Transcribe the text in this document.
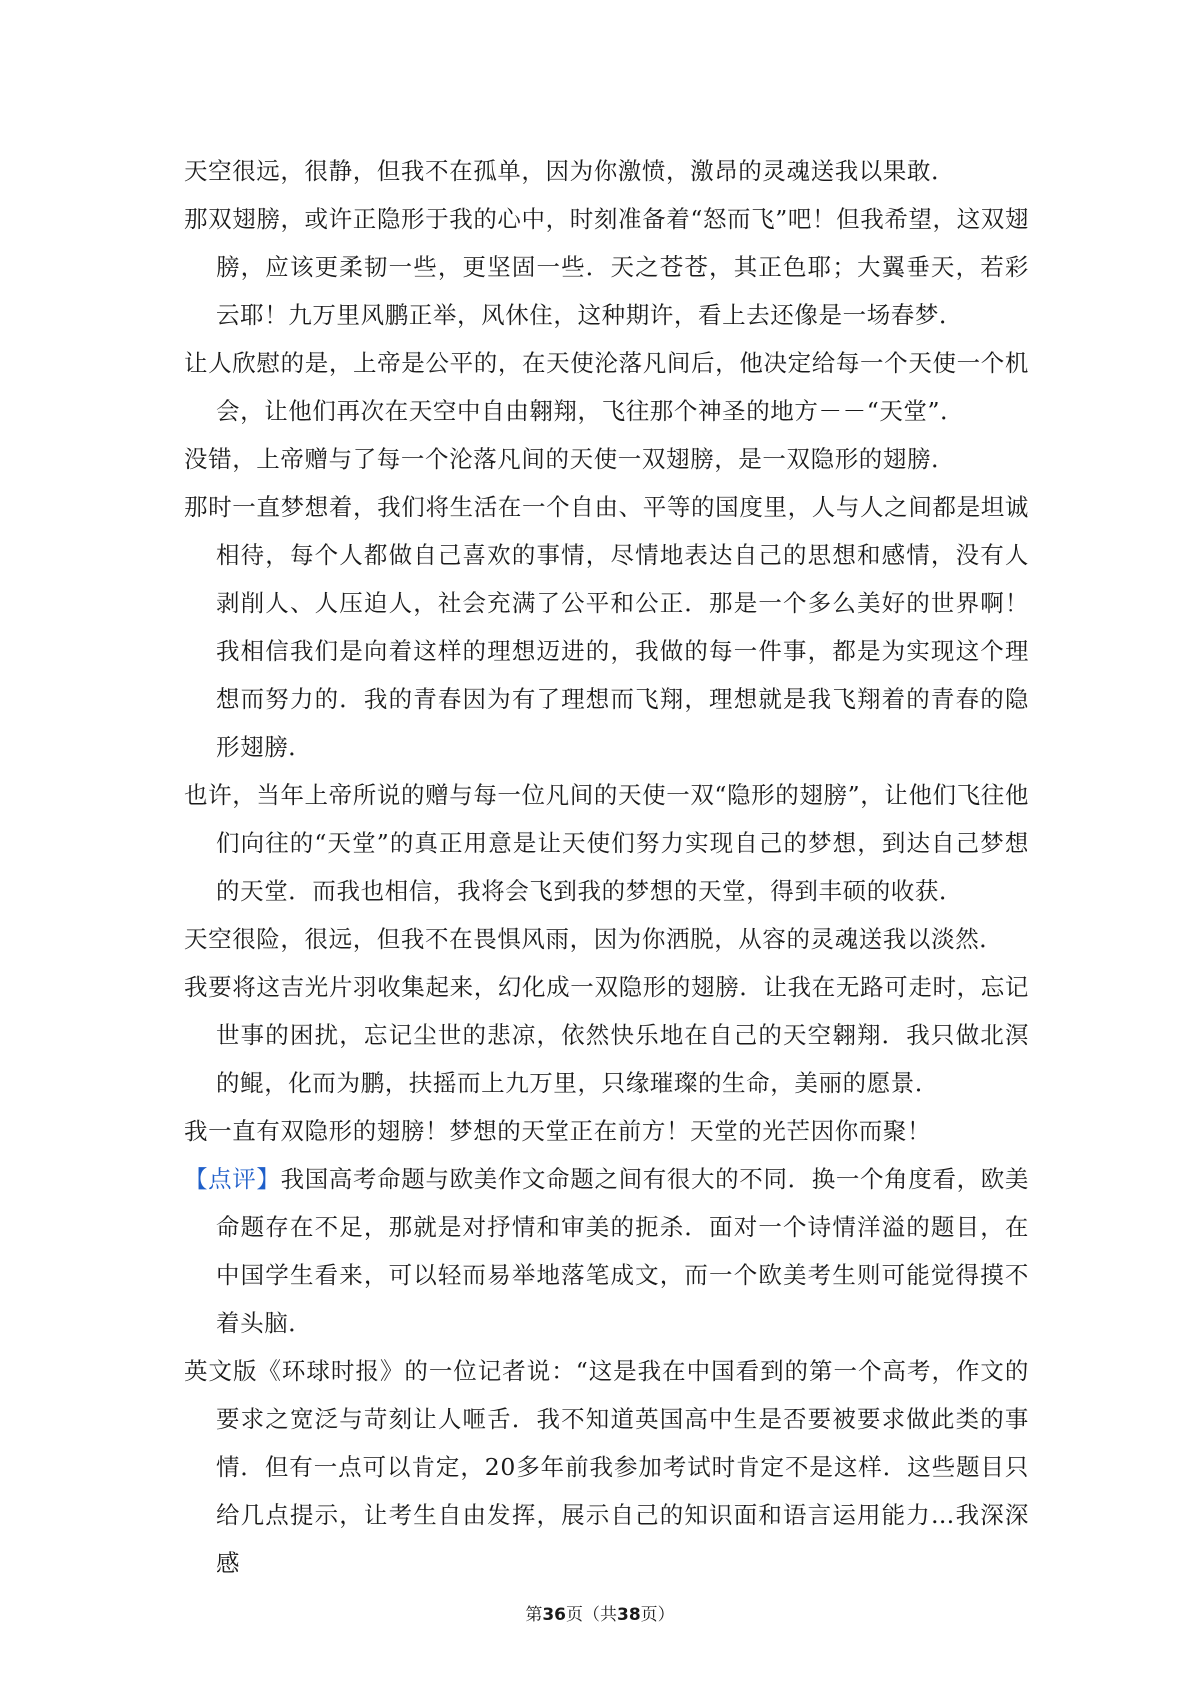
天空很远，很静，但我不在孤单，因为你激愤，激昂的灵魂送我以果敢．

那双翅膀，或许正隐形于我的心中，时刻准备着“怒而飞”吧！但我希望，这双翅膀，应该更柔韧一些，更坚固一些．天之苍苍，其正色耶；大翼垂天，若彩云耶！九万里风鹏正举，风休住，这种期许，看上去还像是一场春梦．

让人欣慰的是，上帝是公平的，在天使沦落凡间后，他决定给每一个天使一个机会，让他们再次在天空中自由翱翔，飞往那个神圣的地方－－“天堂”．

没错，上帝赠与了每一个沦落凡间的天使一双翅膀，是一双隐形的翅膀．

那时一直梦想着，我们将生活在一个自由、平等的国度里，人与人之间都是坦诚相待，每个人都做自己喜欢的事情，尽情地表达自己的思想和感情，没有人剥削人、人压迫人，社会充满了公平和公正．那是一个多么美好的世界啊！我相信我们是向着这样的理想迈进的，我做的每一件事，都是为实现这个理想而努力的．我的青春因为有了理想而飞翔，理想就是我飞翔着的青春的隐形翅膀．

也许，当年上帝所说的赠与每一位凡间的天使一双“隐形的翅膀”，让他们飞往他们向往的“天堂”的真正用意是让天使们努力实现自己的梦想，到达自己梦想的天堂．而我也相信，我将会飞到我的梦想的天堂，得到丰硕的收获．

天空很险，很远，但我不在畏惧风雨，因为你洒脱，从容的灵魂送我以淡然．

我要将这吉光片羽收集起来，幻化成一双隐形的翅膀．让我在无路可走时，忘记世事的困扰，忘记尘世的悲凉，依然快乐地在自己的天空翱翔．我只做北溟的鲲，化而为鹏，扶摇而上九万里，只缘璀璨的生命，美丽的愿景．

我一直有双隐形的翅膀！梦想的天堂正在前方！天堂的光芒因你而聚！

【点评】我国高考命题与欧美作文命题之间有很大的不同．换一个角度看，欧美命题存在不足，那就是对抒情和审美的扼杀．面对一个诗情洋溢的题目，在中国学生看来，可以轻而易举地落笔成文，而一个欧美考生则可能觉得摸不着头脑．

英文版《环球时报》的一位记者说：“这是我在中国看到的第一个高考，作文的要求之宽泛与苛刻让人咂舌．我不知道英国高中生是否要被要求做此类的事情．但有一点可以肯定，20多年前我参加考试时肯定不是这样．这些题目只给几点提示，让考生自由发挥，展示自己的知识面和语言运用能力…我深深感

第36页（共38页）
